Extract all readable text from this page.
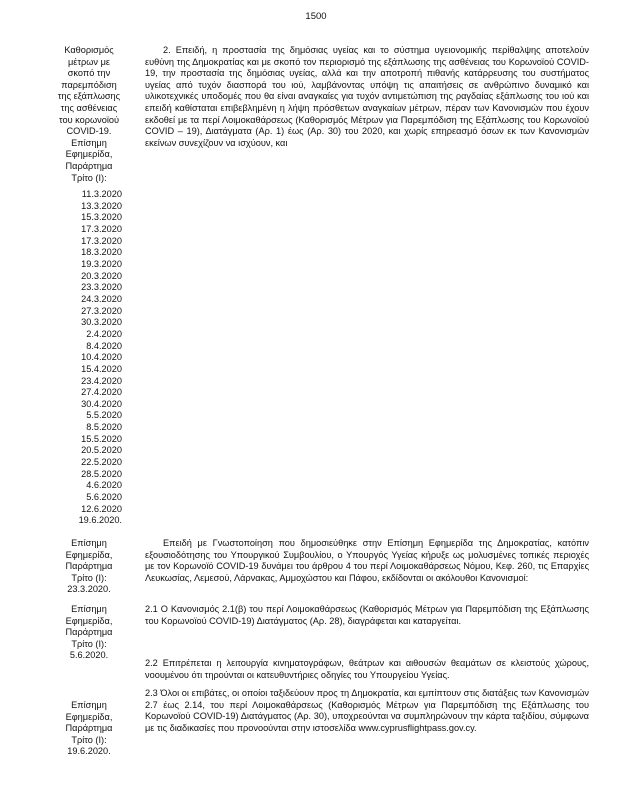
1500
Καθορισμός
μέτρων με
σκοπό την
παρεμπόδιση
της εξάπλωσης
της ασθένειας
του κορωνοϊού
COVID-19.
Επίσημη
Εφημερίδα,
Παράρτημα
Τρίτο (Ι):
11.3.2020
13.3.2020
15.3.2020
17.3.2020
17.3.2020
18.3.2020
19.3.2020
20.3.2020
23.3.2020
24.3.2020
27.3.2020
30.3.2020
2.4.2020
8.4.2020
10.4.2020
15.4.2020
23.4.2020
27.4.2020
30.4.2020
5.5.2020
8.5.2020
15.5.2020
20.5.2020
22.5.2020
28.5.2020
4.6.2020
5.6.2020
12.6.2020
19.6.2020.
2. Επειδή, η προστασία της δημόσιας υγείας και το σύστημα υγειονομικής περίθαλψης αποτελούν ευθύνη της Δημοκρατίας και με σκοπό τον περιορισμό της εξάπλωσης της ασθένειας του Κορωνοϊού COVID-19, την προστασία της δημόσιας υγείας, αλλά και την αποτροπή πιθανής κατάρρευσης του συστήματος υγείας από τυχόν διασπορά του ιού, λαμβάνοντας υπόψη τις απαιτήσεις σε ανθρώπινο δυναμικό και υλικοτεχνικές υποδομές που θα είναι αναγκαίες για τυχόν αντιμετώπιση της ραγδαίας εξάπλωσης του ιού και επειδή καθίσταται επιβεβλημένη η λήψη πρόσθετων αναγκαίων μέτρων, πέραν των Κανονισμών που έχουν εκδοθεί με τα περί Λοιμοκαθάρσεως (Καθορισμός Μέτρων για Παρεμπόδιση της Εξάπλωσης του Κορωνοϊού COVID – 19), Διατάγματα (Αρ. 1) έως (Αρ. 30) του 2020, και χωρίς επηρεασμό όσων εκ των Κανονισμών εκείνων συνεχίζουν να ισχύουν, και
Επειδή με Γνωστοποίηση που δημοσιεύθηκε στην Επίσημη Εφημερίδα της Δημοκρατίας, κατόπιν εξουσιοδότησης του Υπουργικού Συμβουλίου, ο Υπουργός Υγείας κήρυξε ως μολυσμένες τοπικές περιοχές με τον Κορωνοϊό COVID-19 δυνάμει του άρθρου 4 του περί Λοιμοκαθάρσεως Νόμου, Κεφ. 260, τις Επαρχίες Λευκωσίας, Λεμεσού, Λάρνακας, Αμμοχώστου και Πάφου, εκδίδονται οι ακόλουθοι Κανονισμοί:
Επίσημη
Εφημερίδα,
Παράρτημα
Τρίτο (Ι):
23.3.2020.
2.1 Ο Κανονισμός 2.1(β) του περί Λοιμοκαθάρσεως (Καθορισμός Μέτρων για Παρεμπόδιση της Εξάπλωσης του Κορωνοϊού COVID-19) Διατάγματος (Αρ. 28), διαγράφεται και καταργείται.
Επίσημη
Εφημερίδα,
Παράρτημα
Τρίτο (Ι):
5.6.2020.
2.2 Επιτρέπεται η λειτουργία κινηματογράφων, θεάτρων και αιθουσών θεαμάτων σε κλειστούς χώρους, νοουμένου ότι τηρούνται οι κατευθυντήριες οδηγίες του Υπουργείου Υγείας.
2.3 Όλοι οι επιβάτες, οι οποίοι ταξιδεύουν προς τη Δημοκρατία, και εμπίπτουν στις διατάξεις των Κανονισμών 2.7 έως 2.14, του περί Λοιμοκαθάρσεως (Καθορισμός Μέτρων για Παρεμπόδιση της Εξάπλωσης του Κορωνοϊού COVID-19) Διατάγματος (Αρ. 30), υποχρεούνται να συμπληρώνουν την κάρτα ταξιδίου, σύμφωνα με τις διαδικασίες που προνοούνται στην ιστοσελίδα www.cyprusflightpass.gov.cy.
Επίσημη
Εφημερίδα,
Παράρτημα
Τρίτο (Ι):
19.6.2020.
